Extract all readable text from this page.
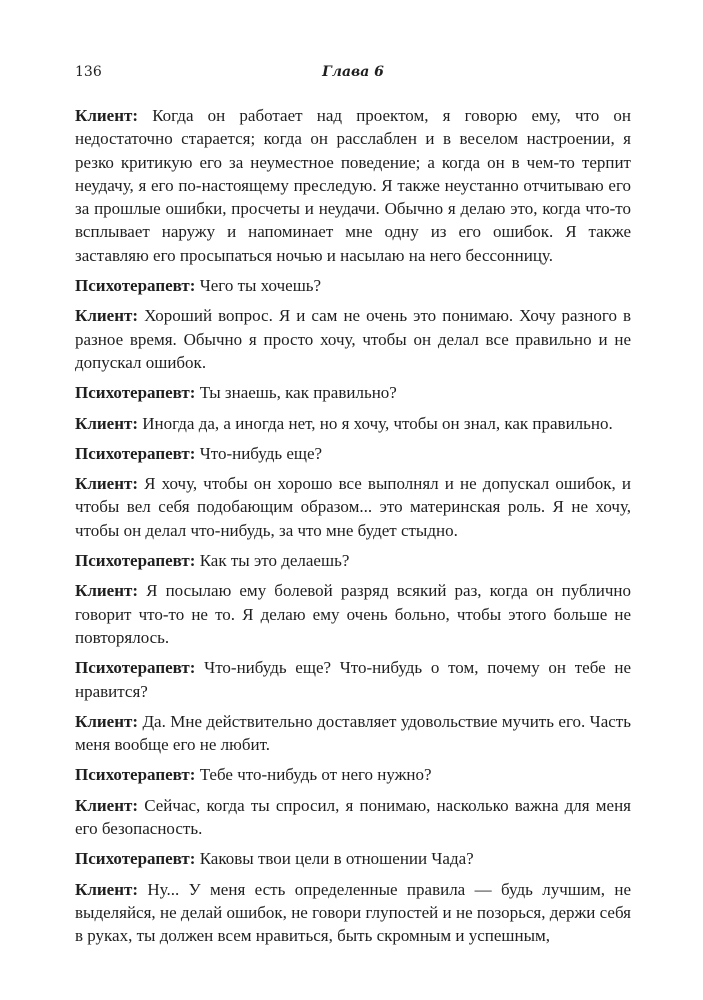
136	Глава 6

Клиент: Когда он работает над проектом, я говорю ему, что он недостаточно старается; когда он расслаблен и в веселом настроении, я резко критикую его за неуместное поведение; а когда он в чем-то терпит неудачу, я его по-настоящему преследую. Я также неустанно отчитываю его за прошлые ошибки, просчеты и неудачи. Обычно я делаю это, когда что-то всплывает наружу и напоминает мне одну из его ошибок. Я также заставляю его просыпаться ночью и насылаю на него бессонницу.

Психотерапевт: Чего ты хочешь?

Клиент: Хороший вопрос. Я и сам не очень это понимаю. Хочу разного в разное время. Обычно я просто хочу, чтобы он делал все правильно и не допускал ошибок.

Психотерапевт: Ты знаешь, как правильно?

Клиент: Иногда да, а иногда нет, но я хочу, чтобы он знал, как правильно.

Психотерапевт: Что-нибудь еще?

Клиент: Я хочу, чтобы он хорошо все выполнял и не допускал ошибок, и чтобы вел себя подобающим образом... это материнская роль. Я не хочу, чтобы он делал что-нибудь, за что мне будет стыдно.

Психотерапевт: Как ты это делаешь?

Клиент: Я посылаю ему болевой разряд всякий раз, когда он публично говорит что-то не то. Я делаю ему очень больно, чтобы этого больше не повторялось.

Психотерапевт: Что-нибудь еще? Что-нибудь о том, почему он тебе не нравится?

Клиент: Да. Мне действительно доставляет удовольствие мучить его. Часть меня вообще его не любит.

Психотерапевт: Тебе что-нибудь от него нужно?

Клиент: Сейчас, когда ты спросил, я понимаю, насколько важна для меня его безопасность.

Психотерапевт: Каковы твои цели в отношении Чада?

Клиент: Ну... У меня есть определенные правила — будь лучшим, не выделяйся, не делай ошибок, не говори глупостей и не позорься, держи себя в руках, ты должен всем нравиться, быть скромным и успешным,
